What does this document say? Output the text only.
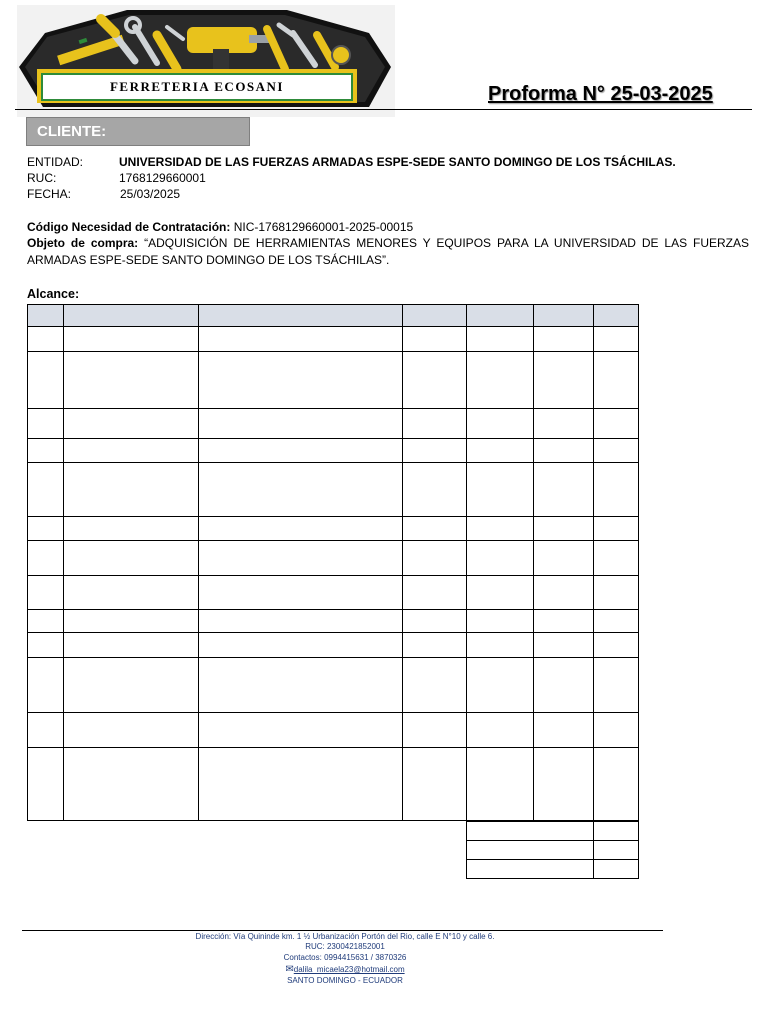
FERRETERIA ECOSANI	Proforma N° 25-03-2025
CLIENTE:
ENTIDAD:	UNIVERSIDAD DE LAS FUERZAS ARMADAS ESPE-SEDE SANTO DOMINGO DE LOS TSÁCHILAS.
RUC:	1768129660001
FECHA:	25/03/2025
Código Necesidad de Contratación: NIC-1768129660001-2025-00015
Objeto de compra: “ADQUISICIÓN DE HERRAMIENTAS MENORES Y EQUIPOS PARA LA UNIVERSIDAD DE LAS FUERZAS ARMADAS ESPE-SEDE SANTO DOMINGO DE LOS TSÁCHILAS”.
Alcance:

Dirección: Vía Quininde km. 1 ½ Urbanización Portón del Rio, calle E N°10 y calle 6.
RUC: 2300421852001
Contactos: 0994415631 / 3870326
✉dalila_micaela23@hotmail.com
SANTO DOMINGO - ECUADOR
